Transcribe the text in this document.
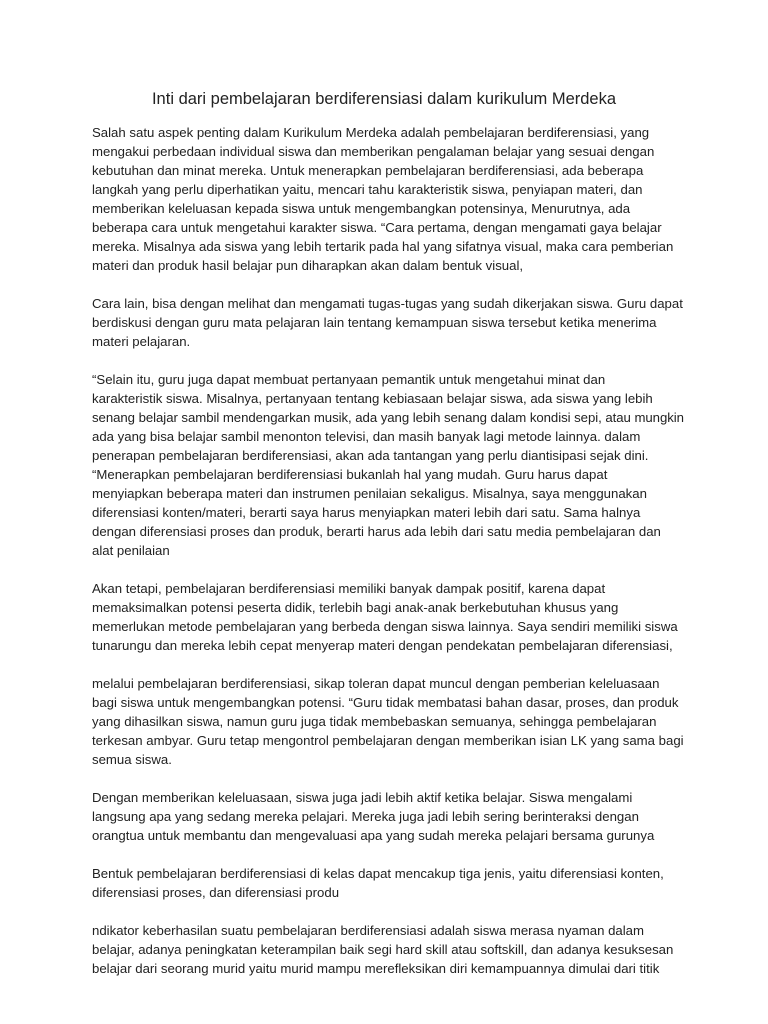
Inti dari pembelajaran berdiferensiasi dalam kurikulum Merdeka

Salah satu aspek penting dalam Kurikulum Merdeka adalah pembelajaran berdiferensiasi, yang
mengakui perbedaan individual siswa dan memberikan pengalaman belajar yang sesuai dengan
kebutuhan dan minat mereka. Untuk menerapkan pembelajaran berdiferensiasi, ada beberapa
langkah yang perlu diperhatikan yaitu, mencari tahu karakteristik siswa, penyiapan materi, dan
memberikan keleluasan kepada siswa untuk mengembangkan potensinya, Menurutnya, ada
beberapa cara untuk mengetahui karakter siswa. “Cara pertama, dengan mengamati gaya belajar
mereka. Misalnya ada siswa yang lebih tertarik pada hal yang sifatnya visual, maka cara pemberian
materi dan produk hasil belajar pun diharapkan akan dalam bentuk visual,

Cara lain, bisa dengan melihat dan mengamati tugas-tugas yang sudah dikerjakan siswa. Guru dapat
berdiskusi dengan guru mata pelajaran lain tentang kemampuan siswa tersebut ketika menerima
materi pelajaran.

“Selain itu, guru juga dapat membuat pertanyaan pemantik untuk mengetahui minat dan
karakteristik siswa. Misalnya, pertanyaan tentang kebiasaan belajar siswa, ada siswa yang lebih
senang belajar sambil mendengarkan musik, ada yang lebih senang dalam kondisi sepi, atau mungkin
ada yang bisa belajar sambil menonton televisi, dan masih banyak lagi metode lainnya. dalam
penerapan pembelajaran berdiferensiasi, akan ada tantangan yang perlu diantisipasi sejak dini.
“Menerapkan pembelajaran berdiferensiasi bukanlah hal yang mudah. Guru harus dapat
menyiapkan beberapa materi dan instrumen penilaian sekaligus. Misalnya, saya menggunakan
diferensiasi konten/materi, berarti saya harus menyiapkan materi lebih dari satu. Sama halnya
dengan diferensiasi proses dan produk, berarti harus ada lebih dari satu media pembelajaran dan
alat penilaian

Akan tetapi, pembelajaran berdiferensiasi memiliki banyak dampak positif, karena dapat
memaksimalkan potensi peserta didik, terlebih bagi anak-anak berkebutuhan khusus yang
memerlukan metode pembelajaran yang berbeda dengan siswa lainnya. Saya sendiri memiliki siswa
tunarungu dan mereka lebih cepat menyerap materi dengan pendekatan pembelajaran diferensiasi,

melalui pembelajaran berdiferensiasi, sikap toleran dapat muncul dengan pemberian keleluasaan
bagi siswa untuk mengembangkan potensi. “Guru tidak membatasi bahan dasar, proses, dan produk
yang dihasilkan siswa, namun guru juga tidak membebaskan semuanya, sehingga pembelajaran
terkesan ambyar. Guru tetap mengontrol pembelajaran dengan memberikan isian LK yang sama bagi
semua siswa.

Dengan memberikan keleluasaan, siswa juga jadi lebih aktif ketika belajar. Siswa mengalami
langsung apa yang sedang mereka pelajari. Mereka juga jadi lebih sering berinteraksi dengan
orangtua untuk membantu dan mengevaluasi apa yang sudah mereka pelajari bersama gurunya

Bentuk pembelajaran berdiferensiasi di kelas dapat mencakup tiga jenis, yaitu diferensiasi konten,
diferensiasi proses, dan diferensiasi produ

ndikator keberhasilan suatu pembelajaran berdiferensiasi adalah siswa merasa nyaman dalam
belajar, adanya peningkatan keterampilan baik segi hard skill atau softskill, dan adanya kesuksesan
belajar dari seorang murid yaitu murid mampu merefleksikan diri kemampuannya dimulai dari titik
